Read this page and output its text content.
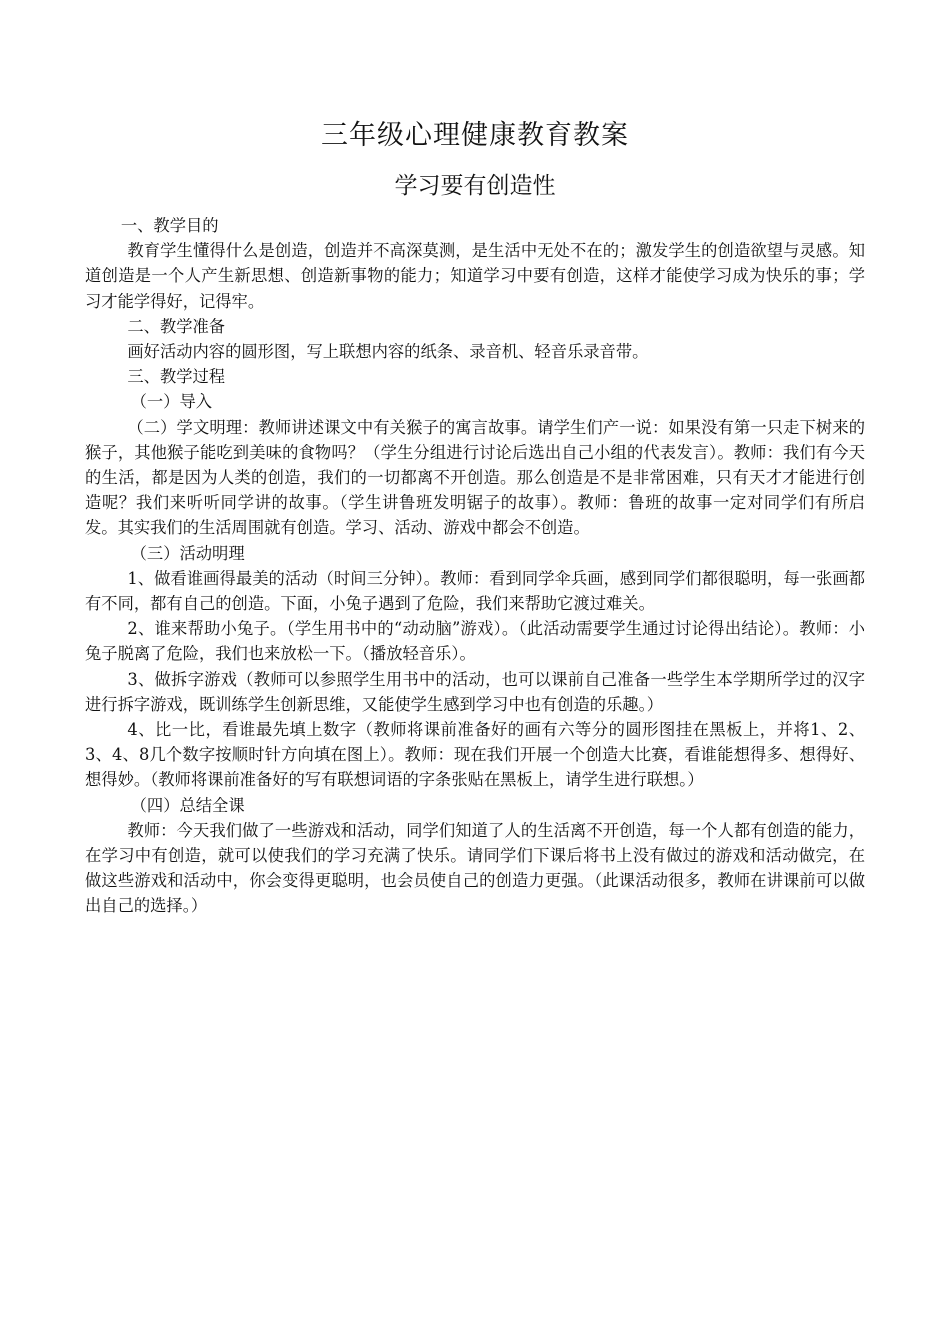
三年级心理健康教育教案
学习要有创造性

一、教学目的

教育学生懂得什么是创造，创造并不高深莫测，是生活中无处不在的；激发学生的创造欲望与灵感。知道创造是一个人产生新思想、创造新事物的能力；知道学习中要有创造，这样才能使学习成为快乐的事；学习才能学得好，记得牢。

二、教学准备

画好活动内容的圆形图，写上联想内容的纸条、录音机、轻音乐录音带。

三、教学过程

（一）导入

（二）学文明理：教师讲述课文中有关猴子的寓言故事。请学生们产一说：如果没有第一只走下树来的猴子，其他猴子能吃到美味的食物吗？（学生分组进行讨论后选出自己小组的代表发言）。教师：我们有今天的生活，都是因为人类的创造，我们的一切都离不开创造。那么创造是不是非常困难，只有天才才能进行创造呢？我们来听听同学讲的故事。（学生讲鲁班发明锯子的故事）。教师：鲁班的故事一定对同学们有所启发。其实我们的生活周围就有创造。学习、活动、游戏中都会不创造。

（三）活动明理

1、做看谁画得最美的活动（时间三分钟）。教师：看到同学伞兵画，感到同学们都很聪明，每一张画都有不同，都有自己的创造。下面，小兔子遇到了危险，我们来帮助它渡过难关。

2、谁来帮助小兔子。（学生用书中的“动动脑”游戏）。（此活动需要学生通过讨论得出结论）。教师：小兔子脱离了危险，我们也来放松一下。（播放轻音乐）。

3、做拆字游戏（教师可以参照学生用书中的活动，也可以课前自己准备一些学生本学期所学过的汉字进行拆字游戏，既训练学生创新思维，又能使学生感到学习中也有创造的乐趣。）

4、比一比，看谁最先填上数字（教师将课前准备好的画有六等分的圆形图挂在黑板上，并将1、2、3、4、8几个数字按顺时针方向填在图上）。教师：现在我们开展一个创造大比赛，看谁能想得多、想得好、想得妙。（教师将课前准备好的写有联想词语的字条张贴在黑板上，请学生进行联想。）

（四）总结全课

教师：今天我们做了一些游戏和活动，同学们知道了人的生活离不开创造，每一个人都有创造的能力，在学习中有创造，就可以使我们的学习充满了快乐。请同学们下课后将书上没有做过的游戏和活动做完，在做这些游戏和活动中，你会变得更聪明，也会员使自己的创造力更强。（此课活动很多，教师在讲课前可以做出自己的选择。）
